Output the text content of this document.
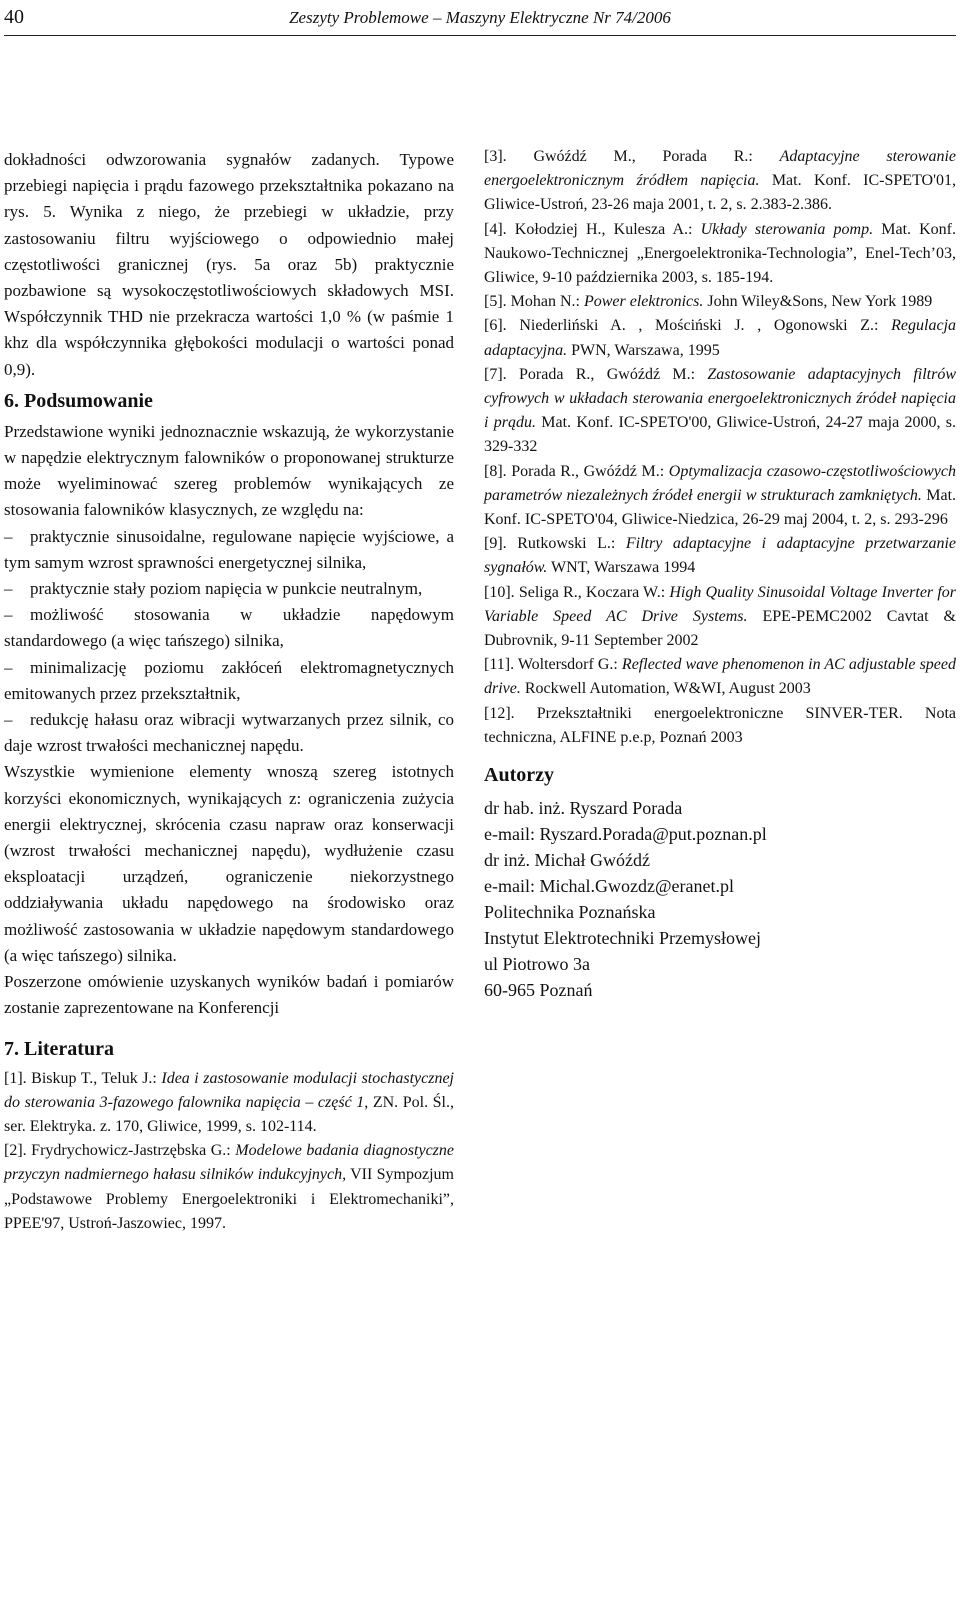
40	Zeszyty Problemowe – Maszyny Elektryczne Nr 74/2006
dokładności odwzorowania sygnałów zadanych. Typowe przebiegi napięcia i prądu fazowego przekształtnika pokazano na rys. 5. Wynika z niego, że przebiegi w układzie, przy zastosowaniu filtru wyjściowego o odpowiednio małej częstotliwości granicznej (rys. 5a oraz 5b) praktycznie pozbawione są wysokoczęstotliwościowych składowych MSI. Współczynnik THD nie przekracza wartości 1,0 % (w paśmie 1 khz dla współczynnika głębokości modulacji o wartości ponad 0,9).
6. Podsumowanie
Przedstawione wyniki jednoznacznie wskazują, że wykorzystanie w napędzie elektrycznym falowników o proponowanej strukturze może wyeliminować szereg problemów wynikających ze stosowania falowników klasycznych, ze względu na:
– praktycznie sinusoidalne, regulowane napięcie wyjściowe, a tym samym wzrost sprawności energetycznej silnika,
– praktycznie stały poziom napięcia w punkcie neutralnym,
– możliwość stosowania w układzie napędowym standardowego (a więc tańszego) silnika,
– minimalizację poziomu zakłóceń elektromagnetycznych emitowanych przez przekształtnik,
– redukcję hałasu oraz wibracji wytwarzanych przez silnik, co daje wzrost trwałości mechanicznej napędu.
Wszystkie wymienione elementy wnoszą szereg istotnych korzyści ekonomicznych, wynikających z: ograniczenia zużycia energii elektrycznej, skrócenia czasu napraw oraz konserwacji (wzrost trwałości mechanicznej napędu), wydłużenie czasu eksploatacji urządzeń, ograniczenie niekorzystnego oddziaływania układu napędowego na środowisko oraz możliwość zastosowania w układzie napędowym standardowego (a więc tańszego) silnika.
Poszerzone omówienie uzyskanych wyników badań i pomiarów zostanie zaprezentowane na Konferencji
7. Literatura

[1]. Biskup T., Teluk J.: Idea i zastosowanie modulacji stochastycznej do sterowania 3-fazowego falownika napięcia – część 1, ZN. Pol. Śl., ser. Elektryka. z. 170, Gliwice, 1999, s. 102-114.

[2]. Frydrychowicz-Jastrzębska G.: Modelowe badania diagnostyczne przyczyn nadmiernego hałasu silników indukcyjnych, VII Sympozjum „Podstawowe Problemy Energoelektroniki i Elektromechaniki”, PPEE'97, Ustroń-Jaszowiec, 1997.

[3]. Gwóźdź M., Porada R.: Adaptacyjne sterowanie energoelektronicznym źródłem napięcia. Mat. Konf. IC-SPETO'01, Gliwice-Ustroń, 23-26 maja 2001, t. 2, s. 2.383-2.386.

[4]. Kołodziej H., Kulesza A.: Układy sterowania pomp. Mat. Konf. Naukowo-Technicznej „Energoelektronika-Technologia”, Enel-Tech’03, Gliwice, 9-10 października 2003, s. 185-194.

[5]. Mohan N.: Power elektronics. John Wiley&Sons, New York 1989

[6]. Niederliński A. , Mościński J. , Ogonowski Z.: Regulacja adaptacyjna. PWN, Warszawa, 1995

[7]. Porada R., Gwóźdź M.: Zastosowanie adaptacyjnych filtrów cyfrowych w układach sterowania energoelektronicznych źródeł napięcia i prądu. Mat. Konf. IC-SPETO'00, Gliwice-Ustroń, 24-27 maja 2000, s. 329-332

[8]. Porada R., Gwóźdź M.: Optymalizacja czasowo-częstotliwościowych parametrów niezależnych źródeł energii w strukturach zamkniętych. Mat. Konf. IC-SPETO'04, Gliwice-Niedzica, 26-29 maj 2004, t. 2, s. 293-296

[9]. Rutkowski L.: Filtry adaptacyjne i adaptacyjne przetwarzanie sygnałów. WNT, Warszawa 1994

[10]. Seliga R., Koczara W.: High Quality Sinusoidal Voltage Inverter for Variable Speed AC Drive Systems. EPE-PEMC2002 Cavtat & Dubrovnik, 9-11 September 2002

[11]. Woltersdorf G.: Reflected wave phenomenon in AC adjustable speed drive. Rockwell Automation, W&WI, August 2003

[12]. Przekształtniki energoelektroniczne SINVER-TER. Nota techniczna, ALFINE p.e.p, Poznań 2003

Autorzy
dr hab. inż. Ryszard Porada
e-mail: Ryszard.Porada@put.poznan.pl
dr inż. Michał Gwóźdź
e-mail: Michal.Gwozdz@eranet.pl
Politechnika Poznańska
Instytut Elektrotechniki Przemysłowej
ul Piotrowo 3a
60-965 Poznań
